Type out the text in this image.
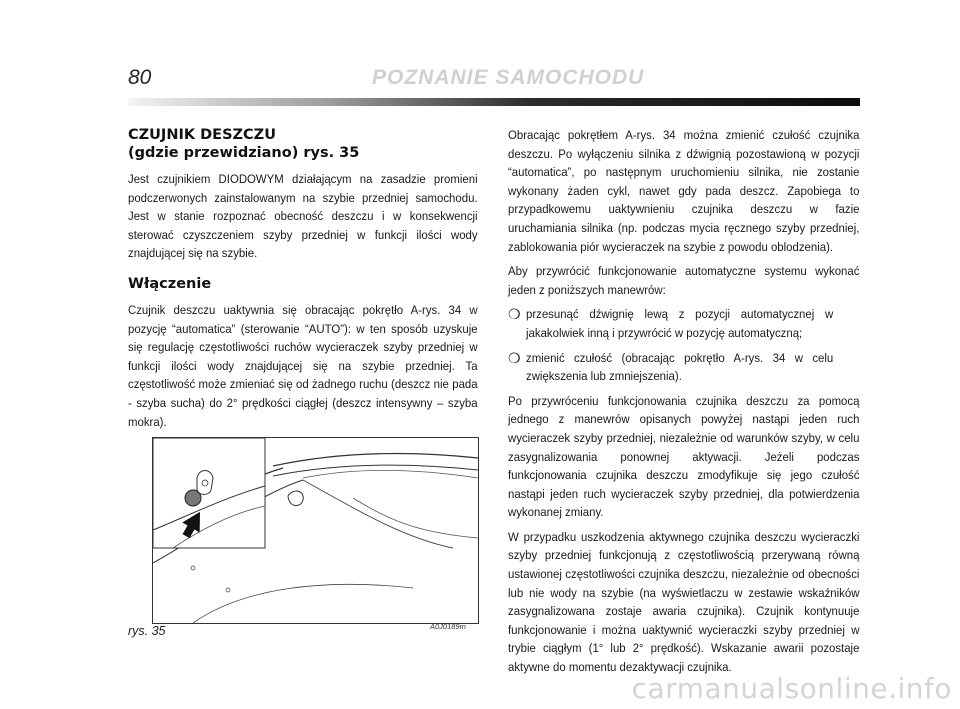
80	POZNANIE SAMOCHODU
CZUJNIK DESZCZU
(gdzie przewidziano) rys. 35

Jest czujnikiem DIODOWYM działającym na zasadzie promieni podczerwonych zainstalowanym na szybie przedniej samochodu. Jest w stanie rozpoznać obecność deszczu i w konsekwencji sterować czyszczeniem szyby przedniej w funkcji ilości wody znajdującej się na szybie.

Włączenie

Czujnik deszczu uaktywnia się obracając pokrętło A-rys. 34 w pozycję “automatica” (sterowanie “AUTO”): w ten sposób uzyskuje się regulację częstotliwości ruchów wycieraczek szyby przedniej w funkcji ilości wody znajdującej się na szybie przedniej. Ta częstotliwość może zmieniać się od żadnego ruchu (deszcz nie pada - szyba sucha) do 2° prędkości ciągłej (deszcz intensywny – szyba mokra).

Obracając pokrętłem A-rys. 34 można zmienić czułość czujnika deszczu. Po wyłączeniu silnika z dźwignią pozostawioną w pozycji “automatica”, po następnym uruchomieniu silnika, nie zostanie wykonany żaden cykl, nawet gdy pada deszcz. Zapobiega to przypadkowemu uaktywnieniu czujnika deszczu w fazie uruchamiania silnika (np. podczas mycia ręcznego szyby przedniej, zablokowania piór wycieraczek na szybie z powodu oblodzenia).

Aby przywrócić funkcjonowanie automatyczne systemu wykonać jeden z poniższych manewrów:

❍ przesunąć dźwignię lewą z pozycji automatycznej w jakakolwiek inną i przywrócić w pozycję automatyczną;

❍ zmienić czułość (obracając pokrętło A-rys. 34 w celu zwiększenia lub zmniejszenia).

Po przywróceniu funkcjonowania czujnika deszczu za pomocą jednego z manewrów opisanych powyżej nastąpi jeden ruch wycieraczek szyby przedniej, niezależnie od warunków szyby, w celu zasygnalizowania ponownej aktywacji. Jeżeli podczas funkcjonowania czujnika deszczu zmodyfikuje się jego czułość nastąpi jeden ruch wycieraczek szyby przedniej, dla potwierdzenia wykonanej zmiany.

W przypadku uszkodzenia aktywnego czujnika deszczu wycieraczki szyby przedniej funkcjonują z częstotliwością przerywaną równą ustawionej częstotliwości czujnika deszczu, niezależnie od obecności lub nie wody na szybie (na wyświetlaczu w zestawie wskaźników zasygnalizowana zostaje awaria czujnika). Czujnik kontynuuje funkcjonowanie i można uaktywnić wycieraczki szyby przedniej w trybie ciągłym (1° lub 2° prędkość). Wskazanie awarii pozostaje aktywne do momentu dezaktywacji czujnika.

rys. 35	A0J0189m
carmanualsonline.info
